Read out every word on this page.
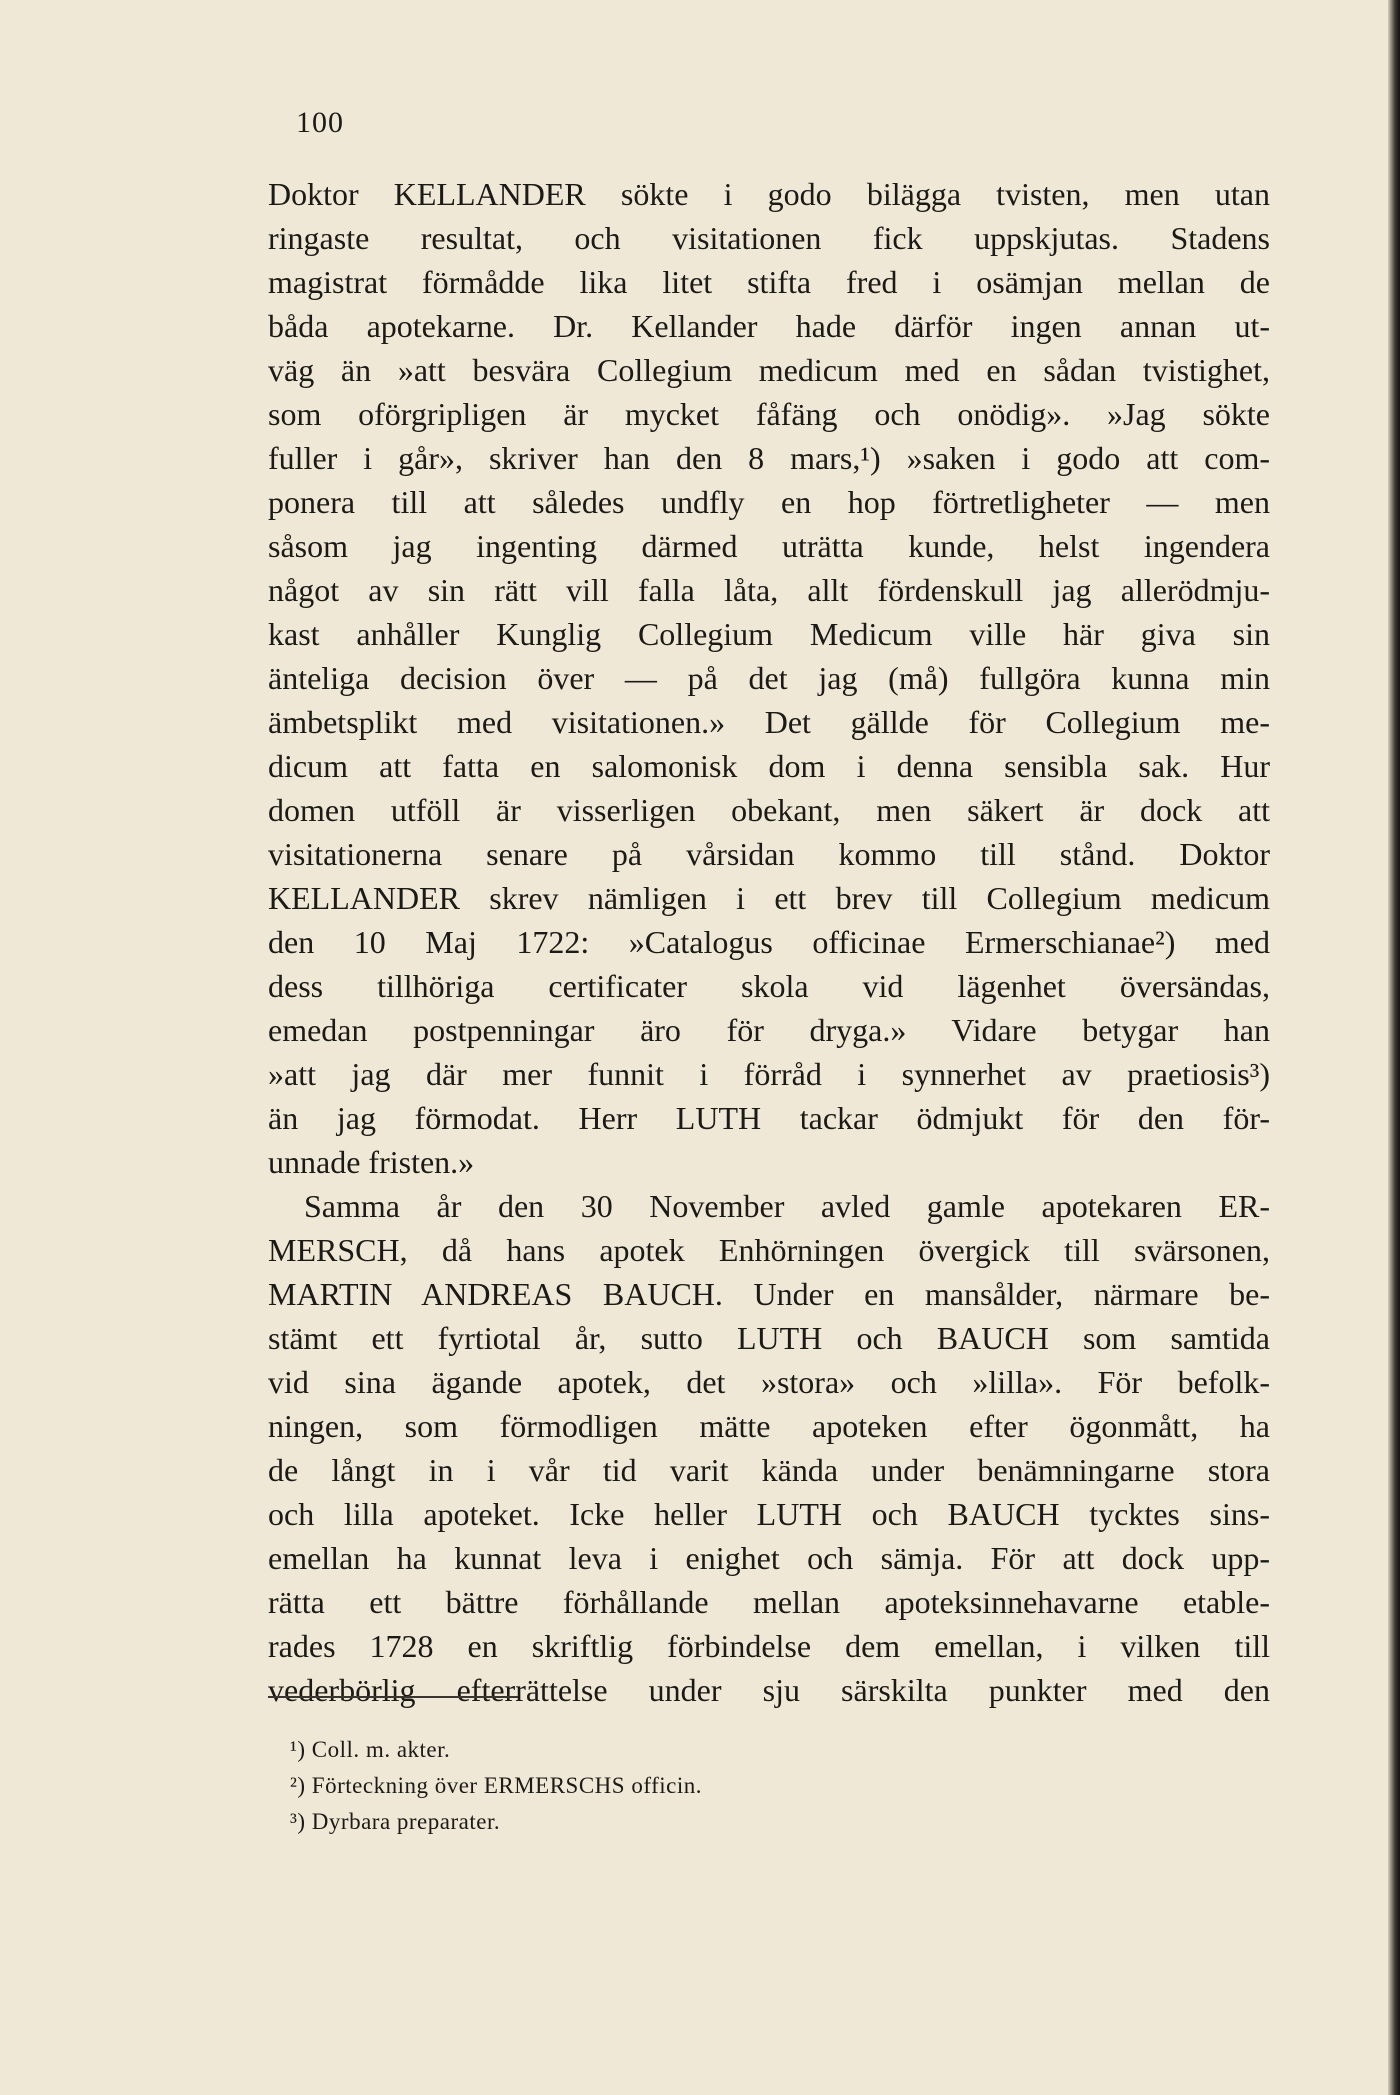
100
Doktor KELLANDER sökte i godo bilägga tvisten, men utan
ringaste resultat, och visitationen fick uppskjutas. Stadens
magistrat förmådde lika litet stifta fred i osämjan mellan de
båda apotekarne. Dr. Kellander hade därför ingen annan ut-
väg än »att besvära Collegium medicum med en sådan tvistighet,
som oförgripligen är mycket fåfäng och onödig». »Jag sökte
fuller i går», skriver han den 8 mars,¹) »saken i godo att com-
ponera till att således undfly en hop förtretligheter — men
såsom jag ingenting därmed uträtta kunde, helst ingendera
något av sin rätt vill falla låta, allt fördenskull jag allerödmju-
kast anhåller Kunglig Collegium Medicum ville här giva sin
änteliga decision över — på det jag (må) fullgöra kunna min
ämbetsplikt med visitationen.» Det gällde för Collegium me-
dicum att fatta en salomonisk dom i denna sensibla sak. Hur
domen utföll är visserligen obekant, men säkert är dock att
visitationerna senare på vårsidan kommo till stånd. Doktor
KELLANDER skrev nämligen i ett brev till Collegium medicum
den 10 Maj 1722: »Catalogus officinae Ermerschianae²) med
dess tillhöriga certificater skola vid lägenhet översändas,
emedan postpenningar äro för dryga.» Vidare betygar han
»att jag där mer funnit i förråd i synnerhet av praetiosis³)
än jag förmodat. Herr LUTH tackar ödmjukt för den för-
unnade fristen.»
Samma år den 30 November avled gamle apotekaren ER-
MERSCH, då hans apotek Enhörningen övergick till svärsonen,
MARTIN ANDREAS BAUCH. Under en mansålder, närmare be-
stämt ett fyrtiotal år, sutto LUTH och BAUCH som samtida
vid sina ägande apotek, det »stora» och »lilla». För befolk-
ningen, som förmodligen mätte apoteken efter ögonmått, ha
de långt in i vår tid varit kända under benämningarne stora
och lilla apoteket. Icke heller LUTH och BAUCH tycktes sins-
emellan ha kunnat leva i enighet och sämja. För att dock upp-
rätta ett bättre förhållande mellan apoteksinnehavarne etable-
rades 1728 en skriftlig förbindelse dem emellan, i vilken till
vederbörlig efterrättelse under sju särskilta punkter med den
¹) Coll. m. akter.
²) Förteckning över ERMERSCHS officin.
³) Dyrbara preparater.
